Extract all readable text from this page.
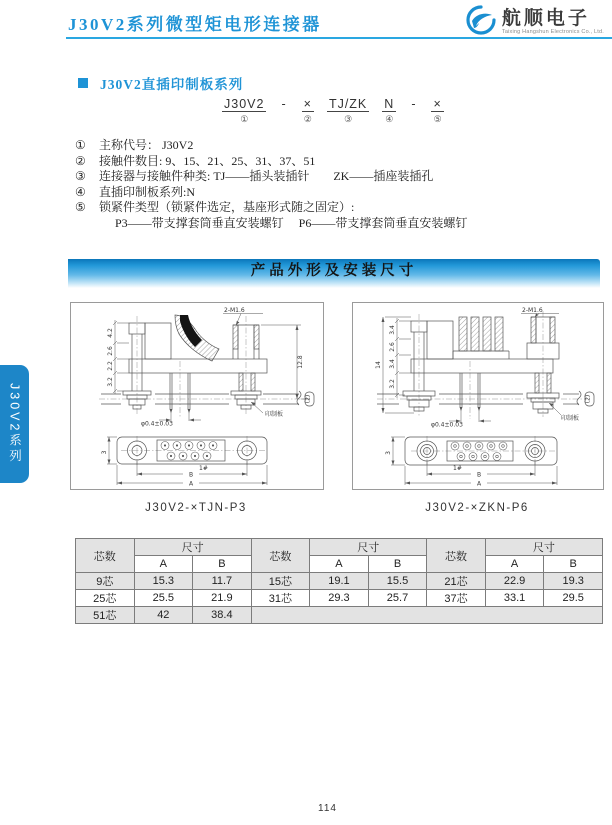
J30V2系列微型矩电形连接器	航顺电子
Taixing Hangshun Electronics Co., Ltd.
J30V2直插印制板系列
J30V2
①
- ×
②
TJ/ZK
③
N
④
- ×
⑤
① 主称代号： J30V2
② 接触件数目: 9、15、21、25、31、37、51
③ 连接器与接触件种类: TJ——插头装插针　　ZK——插座装插孔
④ 直插印制板系列:N
⑤ 锁紧件类型（锁紧件选定，基座形式随之固定）:
P3——带支撑套筒垂直安装螺钉　 P6——带支撑套筒垂直安装螺钉
产品外形及安装尺寸
2-M1.6
4.2
2.6
2.2
3.2
12.8
φ0.4±0.03
印制板
(2)
1#
3
B
A
2-M1.6
14
3.4
2.6
3.4
3.2
φ0.4±0.03
印制板
(2)
1#
3
B
A
J30V2-×TJN-P3	J30V2-×ZKN-P6
芯数	尺寸		芯数	尺寸		芯数	尺寸	
	A	B		A	B		A	B
9芯	15.3	11.7	15芯	19.1	15.5	21芯	22.9	19.3
25芯	25.5	21.9	31芯	29.3	25.7	37芯	33.1	29.5
51芯	42	38.4						
J30V2系列
114
